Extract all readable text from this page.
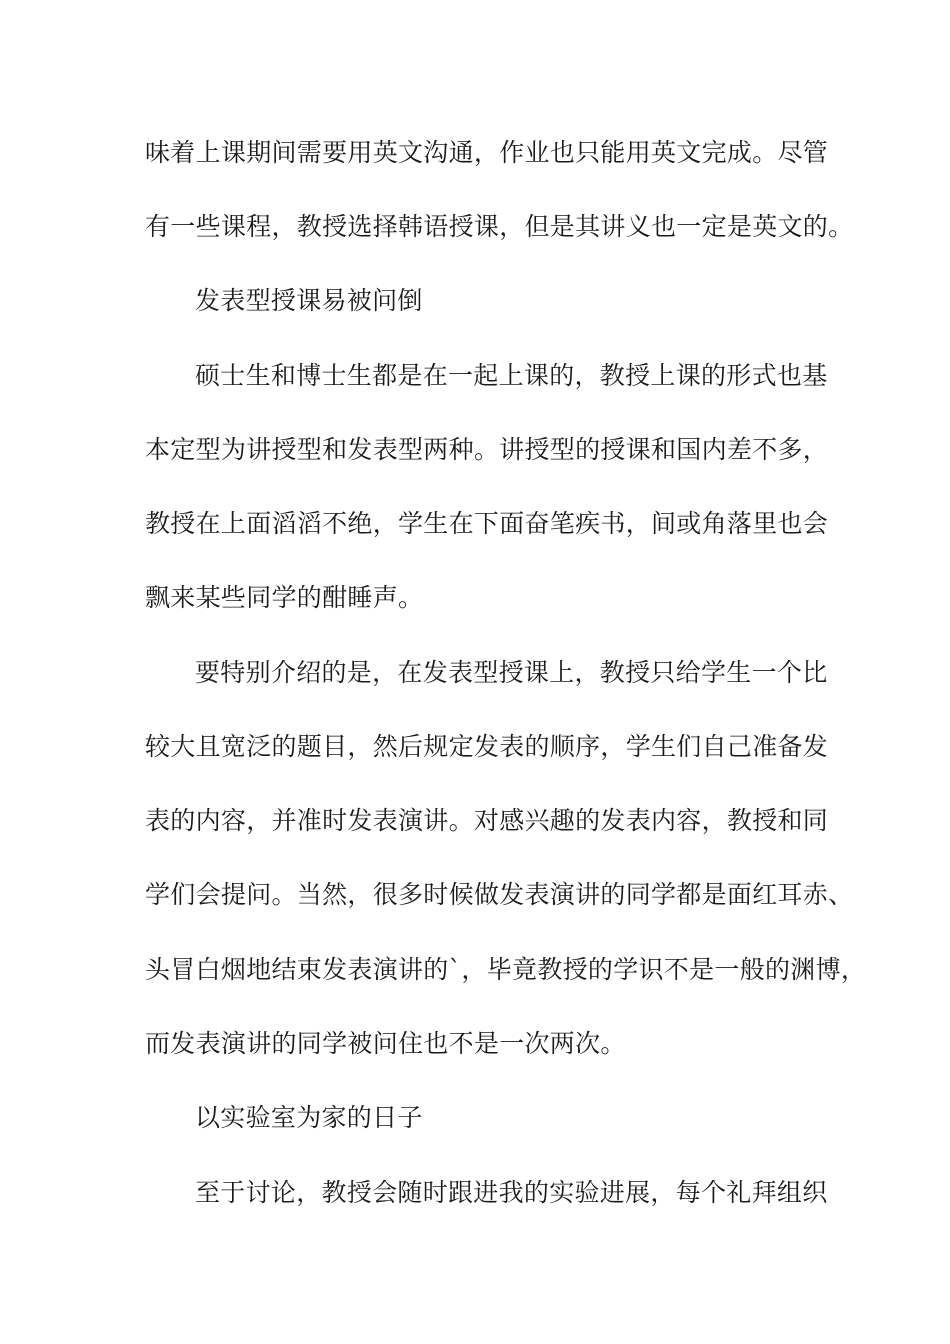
味着上课期间需要用英文沟通，作业也只能用英文完成。尽管
有一些课程，教授选择韩语授课，但是其讲义也一定是英文的。
发表型授课易被问倒
硕士生和博士生都是在一起上课的，教授上课的形式也基
本定型为讲授型和发表型两种。讲授型的授课和国内差不多，
教授在上面滔滔不绝，学生在下面奋笔疾书，间或角落里也会
飘来某些同学的酣睡声。
要特别介绍的是，在发表型授课上，教授只给学生一个比
较大且宽泛的题目，然后规定发表的顺序，学生们自己准备发
表的内容，并准时发表演讲。对感兴趣的发表内容，教授和同
学们会提问。当然，很多时候做发表演讲的同学都是面红耳赤、
头冒白烟地结束发表演讲的`，毕竟教授的学识不是一般的渊博，
而发表演讲的同学被问住也不是一次两次。
以实验室为家的日子
至于讨论，教授会随时跟进我的实验进展，每个礼拜组织
